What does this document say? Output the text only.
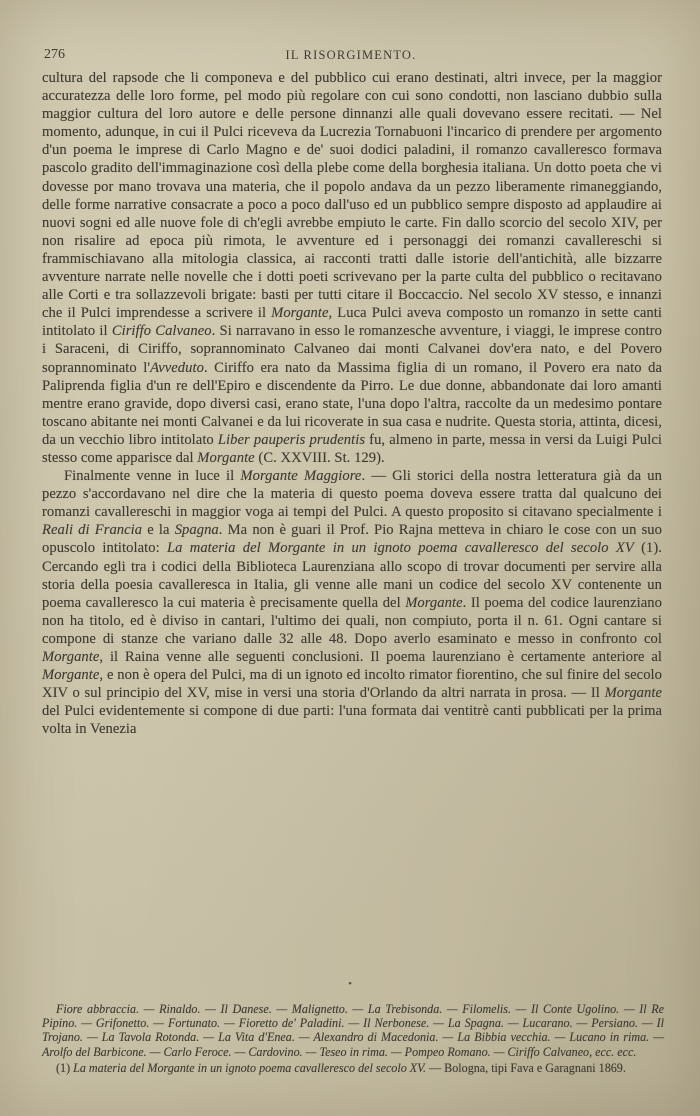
276	IL RISORGIMENTO.

cultura del rapsode che li componeva e del pubblico cui erano destinati, altri invece, per la maggior accuratezza delle loro forme, pel modo più regolare con cui sono condotti, non lasciano dubbio sulla maggior cultura del loro autore e delle persone dinnanzi alle quali dovevano essere recitati. — Nel momento, adunque, in cui il Pulci riceveva da Lucrezia Tornabuoni l'incarico di prendere per argomento d'un poema le imprese di Carlo Magno e de' suoi dodici paladini, il romanzo cavalleresco formava pascolo gradito dell'immaginazione così della plebe come della borghesia italiana. Un dotto poeta che vi dovesse por mano trovava una materia, che il popolo andava da un pezzo liberamente rimaneggiando, delle forme narrative consacrate a poco a poco dall'uso ed un pubblico sempre disposto ad applaudire ai nuovi sogni ed alle nuove fole di ch'egli avrebbe empiuto le carte. Fin dallo scorcio del secolo XIV, per non risalire ad epoca più rimota, le avventure ed i personaggi dei romanzi cavallereschi si frammischiavano alla mitologia classica, ai racconti tratti dalle istorie dell'antichità, alle bizzarre avventure narrate nelle novelle che i dotti poeti scrivevano per la parte culta del pubblico o recitavano alle Corti e tra sollazzevoli brigate: basti per tutti citare il Boccaccio. Nel secolo XV stesso, e innanzi che il Pulci imprendesse a scrivere il Morgante, Luca Pulci aveva composto un romanzo in sette canti intitolato il Ciriffo Calvaneo. Si narravano in esso le romanzesche avventure, i viaggi, le imprese contro i Saraceni, di Ciriffo, soprannominato Calvaneo dai monti Calvanei dov'era nato, e del Povero soprannominato l'Avveduto. Ciriffo era nato da Massima figlia di un romano, il Povero era nato da Paliprenda figlia d'un re dell'Epiro e discendente da Pirro. Le due donne, abbandonate dai loro amanti mentre erano gravide, dopo diversi casi, erano state, l'una dopo l'altra, raccolte da un medesimo pontare toscano abitante nei monti Calvanei e da lui ricoverate in sua casa e nudrite. Questa storia, attinta, dicesi, da un vecchio libro intitolato Liber pauperis prudentis fu, almeno in parte, messa in versi da Luigi Pulci stesso come apparisce dal Morgante (C. XXVIII. St. 129).

Finalmente venne in luce il Morgante Maggiore. — Gli storici della nostra letteratura già da un pezzo s'accordavano nel dire che la materia di questo poema doveva essere tratta dal qualcuno dei romanzi cavallereschi in maggior voga ai tempi del Pulci. A questo proposito si citavano specialmente i Reali di Francia e la Spagna. Ma non è guari il Prof. Pio Rajna metteva in chiaro le cose con un suo opuscolo intitolato: La materia del Morgante in un ignoto poema cavalleresco del secolo XV (1). Cercando egli tra i codici della Biblioteca Laurenziana allo scopo di trovar documenti per servire alla storia della poesia cavalleresca in Italia, gli venne alle mani un codice del secolo XV contenente un poema cavalleresco la cui materia è precisamente quella del Morgante. Il poema del codice laurenziano non ha titolo, ed è diviso in cantari, l'ultimo dei quali, non compiuto, porta il n. 61. Ogni cantare si compone di stanze che variano dalle 32 alle 48. Dopo averlo esaminato e messo in confronto col Morgante, il Raina venne alle seguenti conclusioni. Il poema laurenziano è certamente anteriore al Morgante, e non è opera del Pulci, ma di un ignoto ed incolto rimator fiorentino, che sul finire del secolo XIV o sul principio del XV, mise in versi una storia d'Orlando da altri narrata in prosa. — Il Morgante del Pulci evidentemente si compone di due parti: l'una formata dai ventitrè canti pubblicati per la prima volta in Venezia

•

Fiore abbraccia. — Rinaldo. — Il Danese. — Malignetto. — La Trebisonda. — Filomelis. — Il Conte Ugolino. — Il Re Pipino. — Grifonetto. — Fortunato. — Fioretto de' Paladini. — Il Nerbonese. — La Spagna. — Lucarano. — Persiano. — Il Trojano. — La Tavola Rotonda. — La Vita d'Enea. — Alexandro di Macedonia. — La Bibbia vecchia. — Lucano in rima. — Arolfo del Barbicone. — Carlo Feroce. — Cardovino. — Teseo in rima. — Pompeo Romano. — Ciriffo Calvaneo, ecc. ecc.

(1) La materia del Morgante in un ignoto poema cavalleresco del secolo XV. — Bologna, tipi Fava e Garagnani 1869.
